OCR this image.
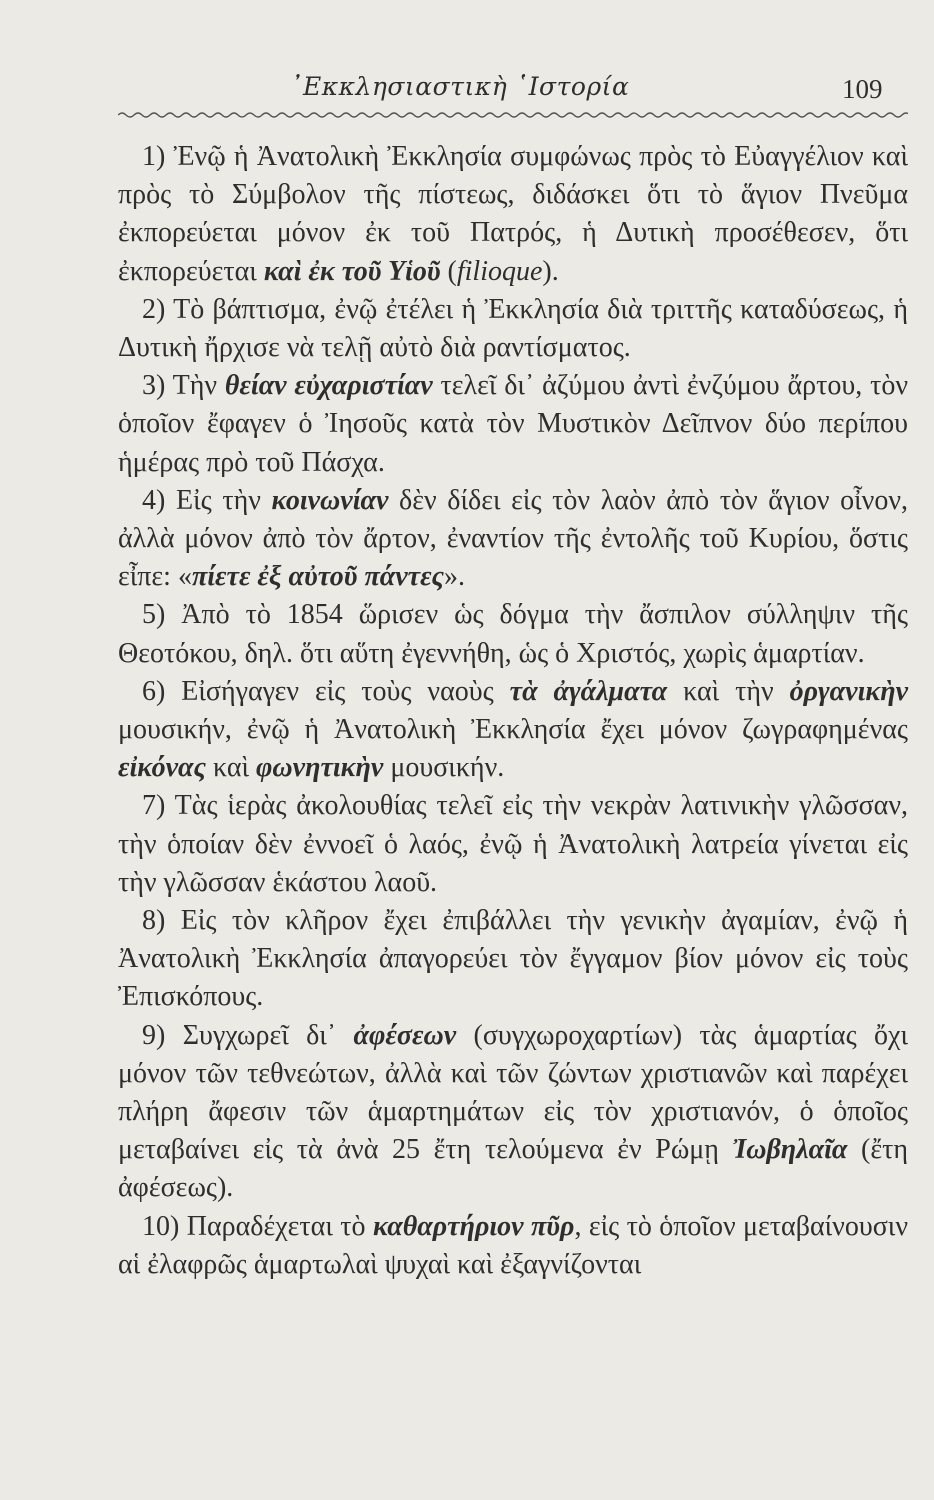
᾿Εκκλησιαστικὴ ῾Ιστορία	109

1) Ἐνῷ ἡ Ἀνατολικὴ Ἐκκλησία συμφώνως πρὸς τὸ Εὐαγγέλιον καὶ πρὸς τὸ Σύμβολον τῆς πίστεως, διδάσκει ὅτι τὸ ἅγιον Πνεῦμα ἐκπορεύεται μόνον ἐκ τοῦ Πατρός, ἡ Δυτικὴ προσέθεσεν, ὅτι ἐκπορεύεται καὶ ἐκ τοῦ Υἱοῦ (filioque).

2) Τὸ βάπτισμα, ἐνῷ ἐτέλει ἡ Ἐκκλησία διὰ τριττῆς καταδύσεως, ἡ Δυτικὴ ἤρχισε νὰ τελῇ αὐτὸ διὰ ραντίσματος.

3) Τὴν θείαν εὐχαριστίαν τελεῖ δι᾿ ἀζύμου ἀντὶ ἐνζύμου ἄρτου, τὸν ὁποῖον ἔφαγεν ὁ Ἰησοῦς κατὰ τὸν Μυστικὸν Δεῖπνον δύο περίπου ἡμέρας πρὸ τοῦ Πάσχα.

4) Εἰς τὴν κοινωνίαν δὲν δίδει εἰς τὸν λαὸν ἀπὸ τὸν ἅγιον οἶνον, ἀλλὰ μόνον ἀπὸ τὸν ἄρτον, ἐναντίον τῆς ἐντολῆς τοῦ Κυρίου, ὅστις εἶπε: «πίετε ἐξ αὐτοῦ πάντες».

5) Ἀπὸ τὸ 1854 ὥρισεν ὡς δόγμα τὴν ἄσπιλον σύλληψιν τῆς Θεοτόκου, δηλ. ὅτι αὕτη ἐγεννήθη, ὡς ὁ Χριστός, χωρὶς ἁμαρτίαν.

6) Εἰσήγαγεν εἰς τοὺς ναοὺς τὰ ἀγάλματα καὶ τὴν ὀργανικὴν μουσικήν, ἐνῷ ἡ Ἀνατολικὴ Ἐκκλησία ἔχει μόνον ζωγραφημένας εἰκόνας καὶ φωνητικὴν μουσικήν.

7) Τὰς ἱερὰς ἀκολουθίας τελεῖ εἰς τὴν νεκρὰν λατινικὴν γλῶσσαν, τὴν ὁποίαν δὲν ἐννοεῖ ὁ λαός, ἐνῷ ἡ Ἀνατολικὴ λατρεία γίνεται εἰς τὴν γλῶσσαν ἑκάστου λαοῦ.

8) Εἰς τὸν κλῆρον ἔχει ἐπιβάλλει τὴν γενικὴν ἀγαμίαν, ἐνῷ ἡ Ἀνατολικὴ Ἐκκλησία ἀπαγορεύει τὸν ἔγγαμον βίον μόνον εἰς τοὺς Ἐπισκόπους.

9) Συγχωρεῖ δι᾿ ἀφέσεων (συγχωροχαρτίων) τὰς ἁμαρτίας ὄχι μόνον τῶν τεθνεώτων, ἀλλὰ καὶ τῶν ζώντων χριστιανῶν καὶ παρέχει πλήρη ἄφεσιν τῶν ἁμαρτημάτων εἰς τὸν χριστιανόν, ὁ ὁποῖος μεταβαίνει εἰς τὰ ἀνὰ 25 ἔτη τελούμενα ἐν Ρώμῃ Ἰωβηλαῖα (ἔτη ἀφέσεως).

10) Παραδέχεται τὸ καθαρτήριον πῦρ, εἰς τὸ ὁποῖον μεταβαίνουσιν αἱ ἐλαφρῶς ἁμαρτωλαὶ ψυχαὶ καὶ ἐξαγνίζονται
